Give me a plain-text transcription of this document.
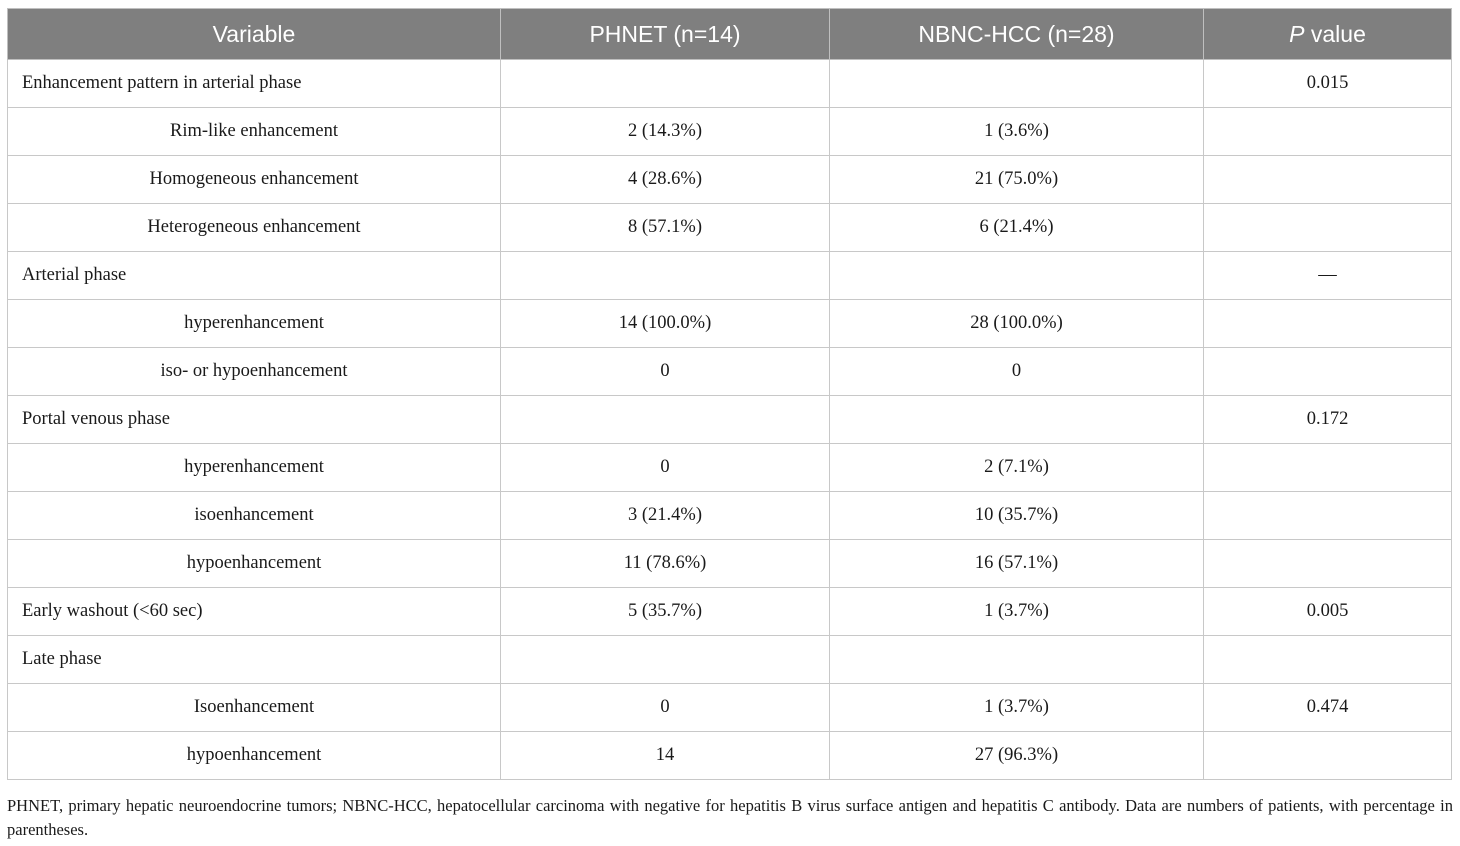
Variable	PHNET (n=14)	NBNC-HCC (n=28)	P value
Enhancement pattern in arterial phase			0.015
Rim-like enhancement	2 (14.3%)	1 (3.6%)	
Homogeneous enhancement	4 (28.6%)	21 (75.0%)	
Heterogeneous enhancement	8 (57.1%)	6 (21.4%)	
Arterial phase			—
hyperenhancement	14 (100.0%)	28 (100.0%)	
iso- or hypoenhancement	0	0	
Portal venous phase			0.172
hyperenhancement	0	2 (7.1%)	
isoenhancement	3 (21.4%)	10 (35.7%)	
hypoenhancement	11 (78.6%)	16 (57.1%)	
Early washout (<60 sec)	5 (35.7%)	1 (3.7%)	0.005
Late phase			
Isoenhancement	0	1 (3.7%)	0.474
hypoenhancement	14	27 (96.3%)	
PHNET, primary hepatic neuroendocrine tumors; NBNC-HCC, hepatocellular carcinoma with negative for hepatitis B virus surface antigen and hepatitis C antibody. Data are numbers of patients, with percentage in parentheses.
